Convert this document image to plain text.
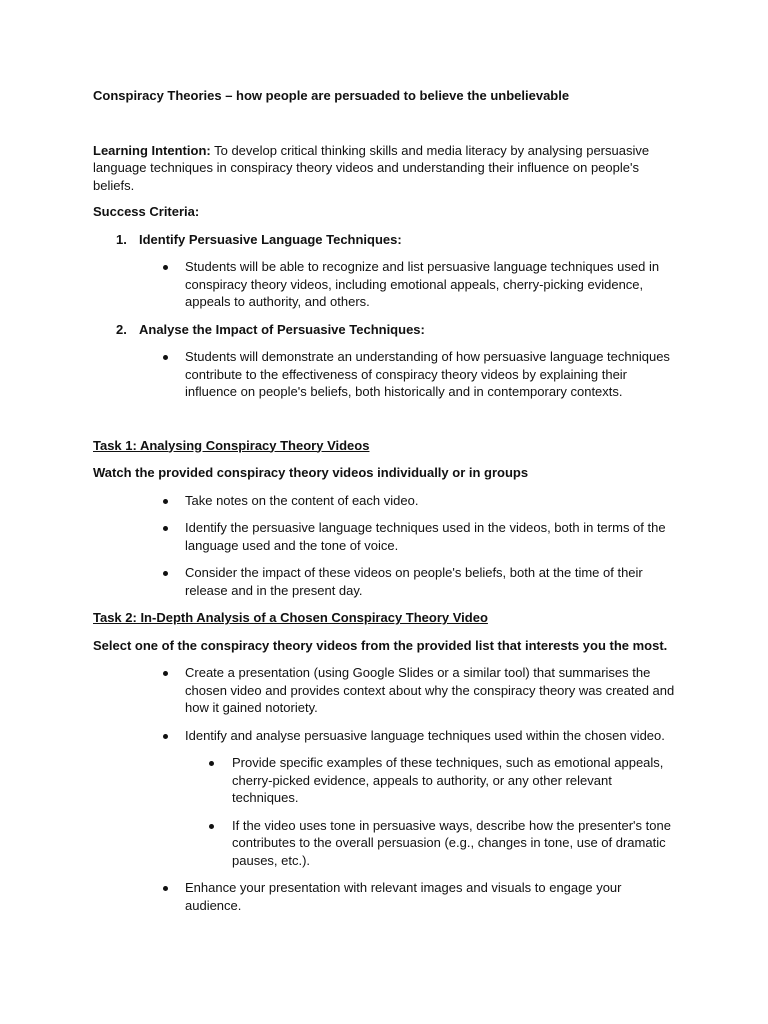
Conspiracy Theories – how people are persuaded to believe the unbelievable

Learning Intention: To develop critical thinking skills and media literacy by analysing persuasive language techniques in conspiracy theory videos and understanding their influence on people's beliefs.

Success Criteria:

1. Identify Persuasive Language Techniques:
Students will be able to recognize and list persuasive language techniques used in conspiracy theory videos, including emotional appeals, cherry-picking evidence, appeals to authority, and others.
2. Analyse the Impact of Persuasive Techniques:
Students will demonstrate an understanding of how persuasive language techniques contribute to the effectiveness of conspiracy theory videos by explaining their influence on people's beliefs, both historically and in contemporary contexts.

Task 1: Analysing Conspiracy Theory Videos

Watch the provided conspiracy theory videos individually or in groups

Take notes on the content of each video.
Identify the persuasive language techniques used in the videos, both in terms of the language used and the tone of voice.
Consider the impact of these videos on people's beliefs, both at the time of their release and in the present day.

Task 2: In-Depth Analysis of a Chosen Conspiracy Theory Video

Select one of the conspiracy theory videos from the provided list that interests you the most.

Create a presentation (using Google Slides or a similar tool) that summarises the chosen video and provides context about why the conspiracy theory was created and how it gained notoriety.
Identify and analyse persuasive language techniques used within the chosen video.
Provide specific examples of these techniques, such as emotional appeals, cherry-picked evidence, appeals to authority, or any other relevant techniques.
If the video uses tone in persuasive ways, describe how the presenter's tone contributes to the overall persuasion (e.g., changes in tone, use of dramatic pauses, etc.).
Enhance your presentation with relevant images and visuals to engage your audience.
